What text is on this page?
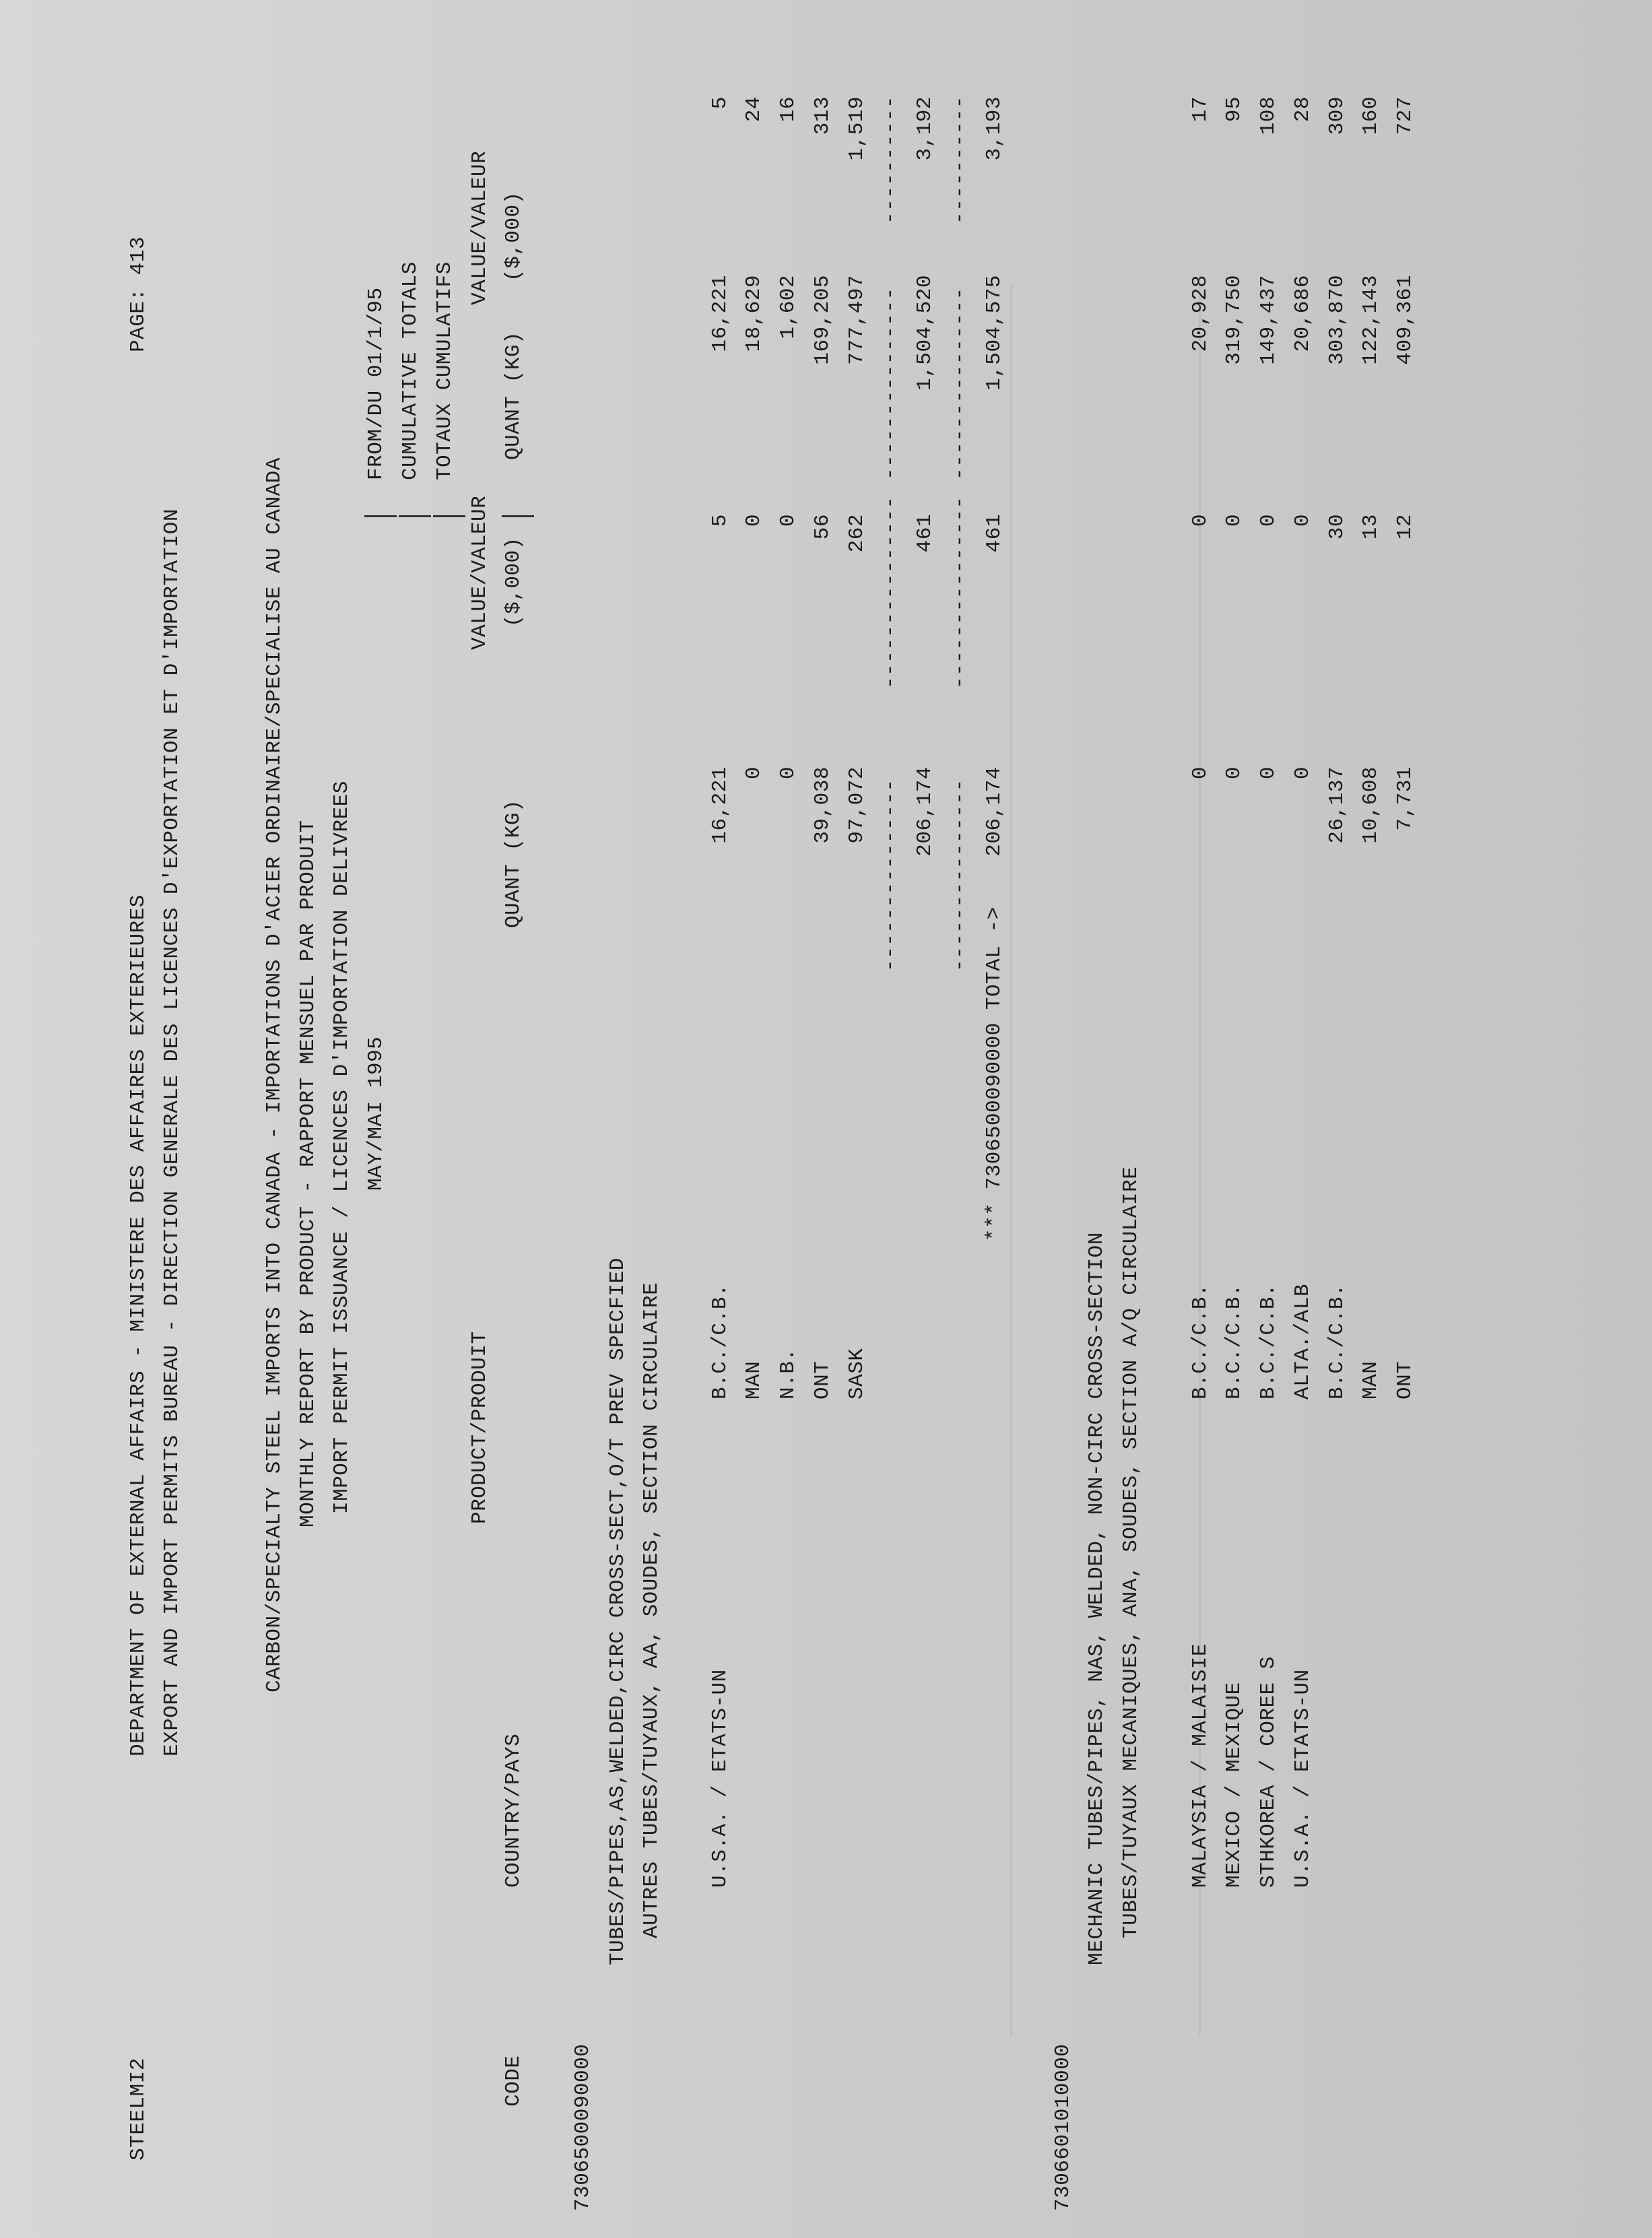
STEELMI2
DEPARTMENT OF EXTERNAL AFFAIRS - MINISTERE DES AFFAIRES EXTERIEURES
PAGE: 413
EXPORT AND IMPORT PERMITS BUREAU - DIRECTION GENERALE DES LICENCES D'EXPORTATION ET D'IMPORTATION	CARBON/SPECIALTY STEEL IMPORTS INTO CANADA - IMPORTATIONS D'ACIER ORDINAIRE/SPECIALISE AU CANADA MONTHLY REPORT BY PRODUCT - RAPPORT MENSUEL PAR PRODUIT IMPORT PERMIT ISSUANCE / LICENCES D'IMPORTATION DELIVREES MAY/MAI 1995
FROM/DU 01/1/95 CUMULATIVE TOTALS TOTAUX CUMULATIFS
PRODUCT/PRODUIT
VALUE/VALEUR
VALUE/VALEUR
CODE
COUNTRY/PAYS
QUANT (KG)
($,000)
QUANT (KG)
($,000)
7306500090000
TUBES/PIPES,AS,WELDED,CIRC CROSS-SECT,O/T PREV SPECFIED AUTRES TUBES/TUYAUX, AA, SOUDES, SECTION CIRCULAIRE U.S.A. / ETATS-UN
B.C./C.B.
16,221
5
16,221
5
MAN
0
0
18,629
24
N.B.
0
0
1,602
16
ONT
39,038
56
169,205
313
SASK
97,072
262
777,497
1,519
---------------
---------------
---------------
----------
206,174
461
1,504,520
3,192
---------------
---------------
---------------
----------
*** 7306500090000 TOTAL ->
206,174
461
1,504,575
3,193
7306601010000
MECHANIC TUBES/PIPES, NAS, WELDED, NON-CIRC CROSS-SECTION TUBES/TUYAUX MECANIQUES, ANA, SOUDES, SECTION A/Q CIRCULAIRE MALAYSIA / MALAISIE
B.C./C.B.
0
0
20,928
17
MEXICO / MEXIQUE
B.C./C.B.
0
0
319,750
95
STHKOREA / COREE S
B.C./C.B.
0
0
149,437
108
U.S.A. / ETATS-UN
ALTA./ALB
0
0
20,686
28
B.C./C.B.
26,137
30
303,870
309
MAN
10,608
13
122,143
160
ONT
7,731
12
409,361
727
